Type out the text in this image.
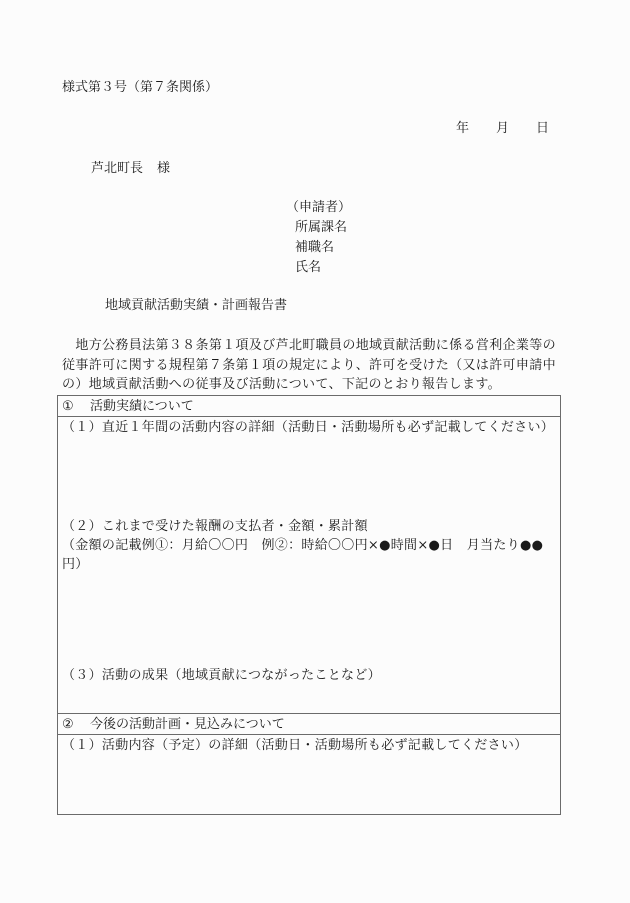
様式第３号（第７条関係）
年	月	日
芦北町長 様
（申請者）
所属課名
補職名
氏名
地域貢献活動実績・計画報告書

　地方公務員法第３８条第１項及び芦北町職員の地域貢献活動に係る営利企業等の従事許可に関する規程第７条第１項の規定により、許可を受けた（又は許可申請中の）地域貢献活動への従事及び活動について、下記のとおり報告します。

① 活動実績について

（１）直近１年間の活動内容の詳細（活動日・活動場所も必ず記載してください）

（２）これまで受けた報酬の支払者・金額・累計額

（金額の記載例①：月給〇〇円　例②：時給〇〇円×●時間×●日　月当たり●●円）

（３）活動の成果（地域貢献につながったことなど）

② 今後の活動計画・見込みについて

（１）活動内容（予定）の詳細（活動日・活動場所も必ず記載してください）
